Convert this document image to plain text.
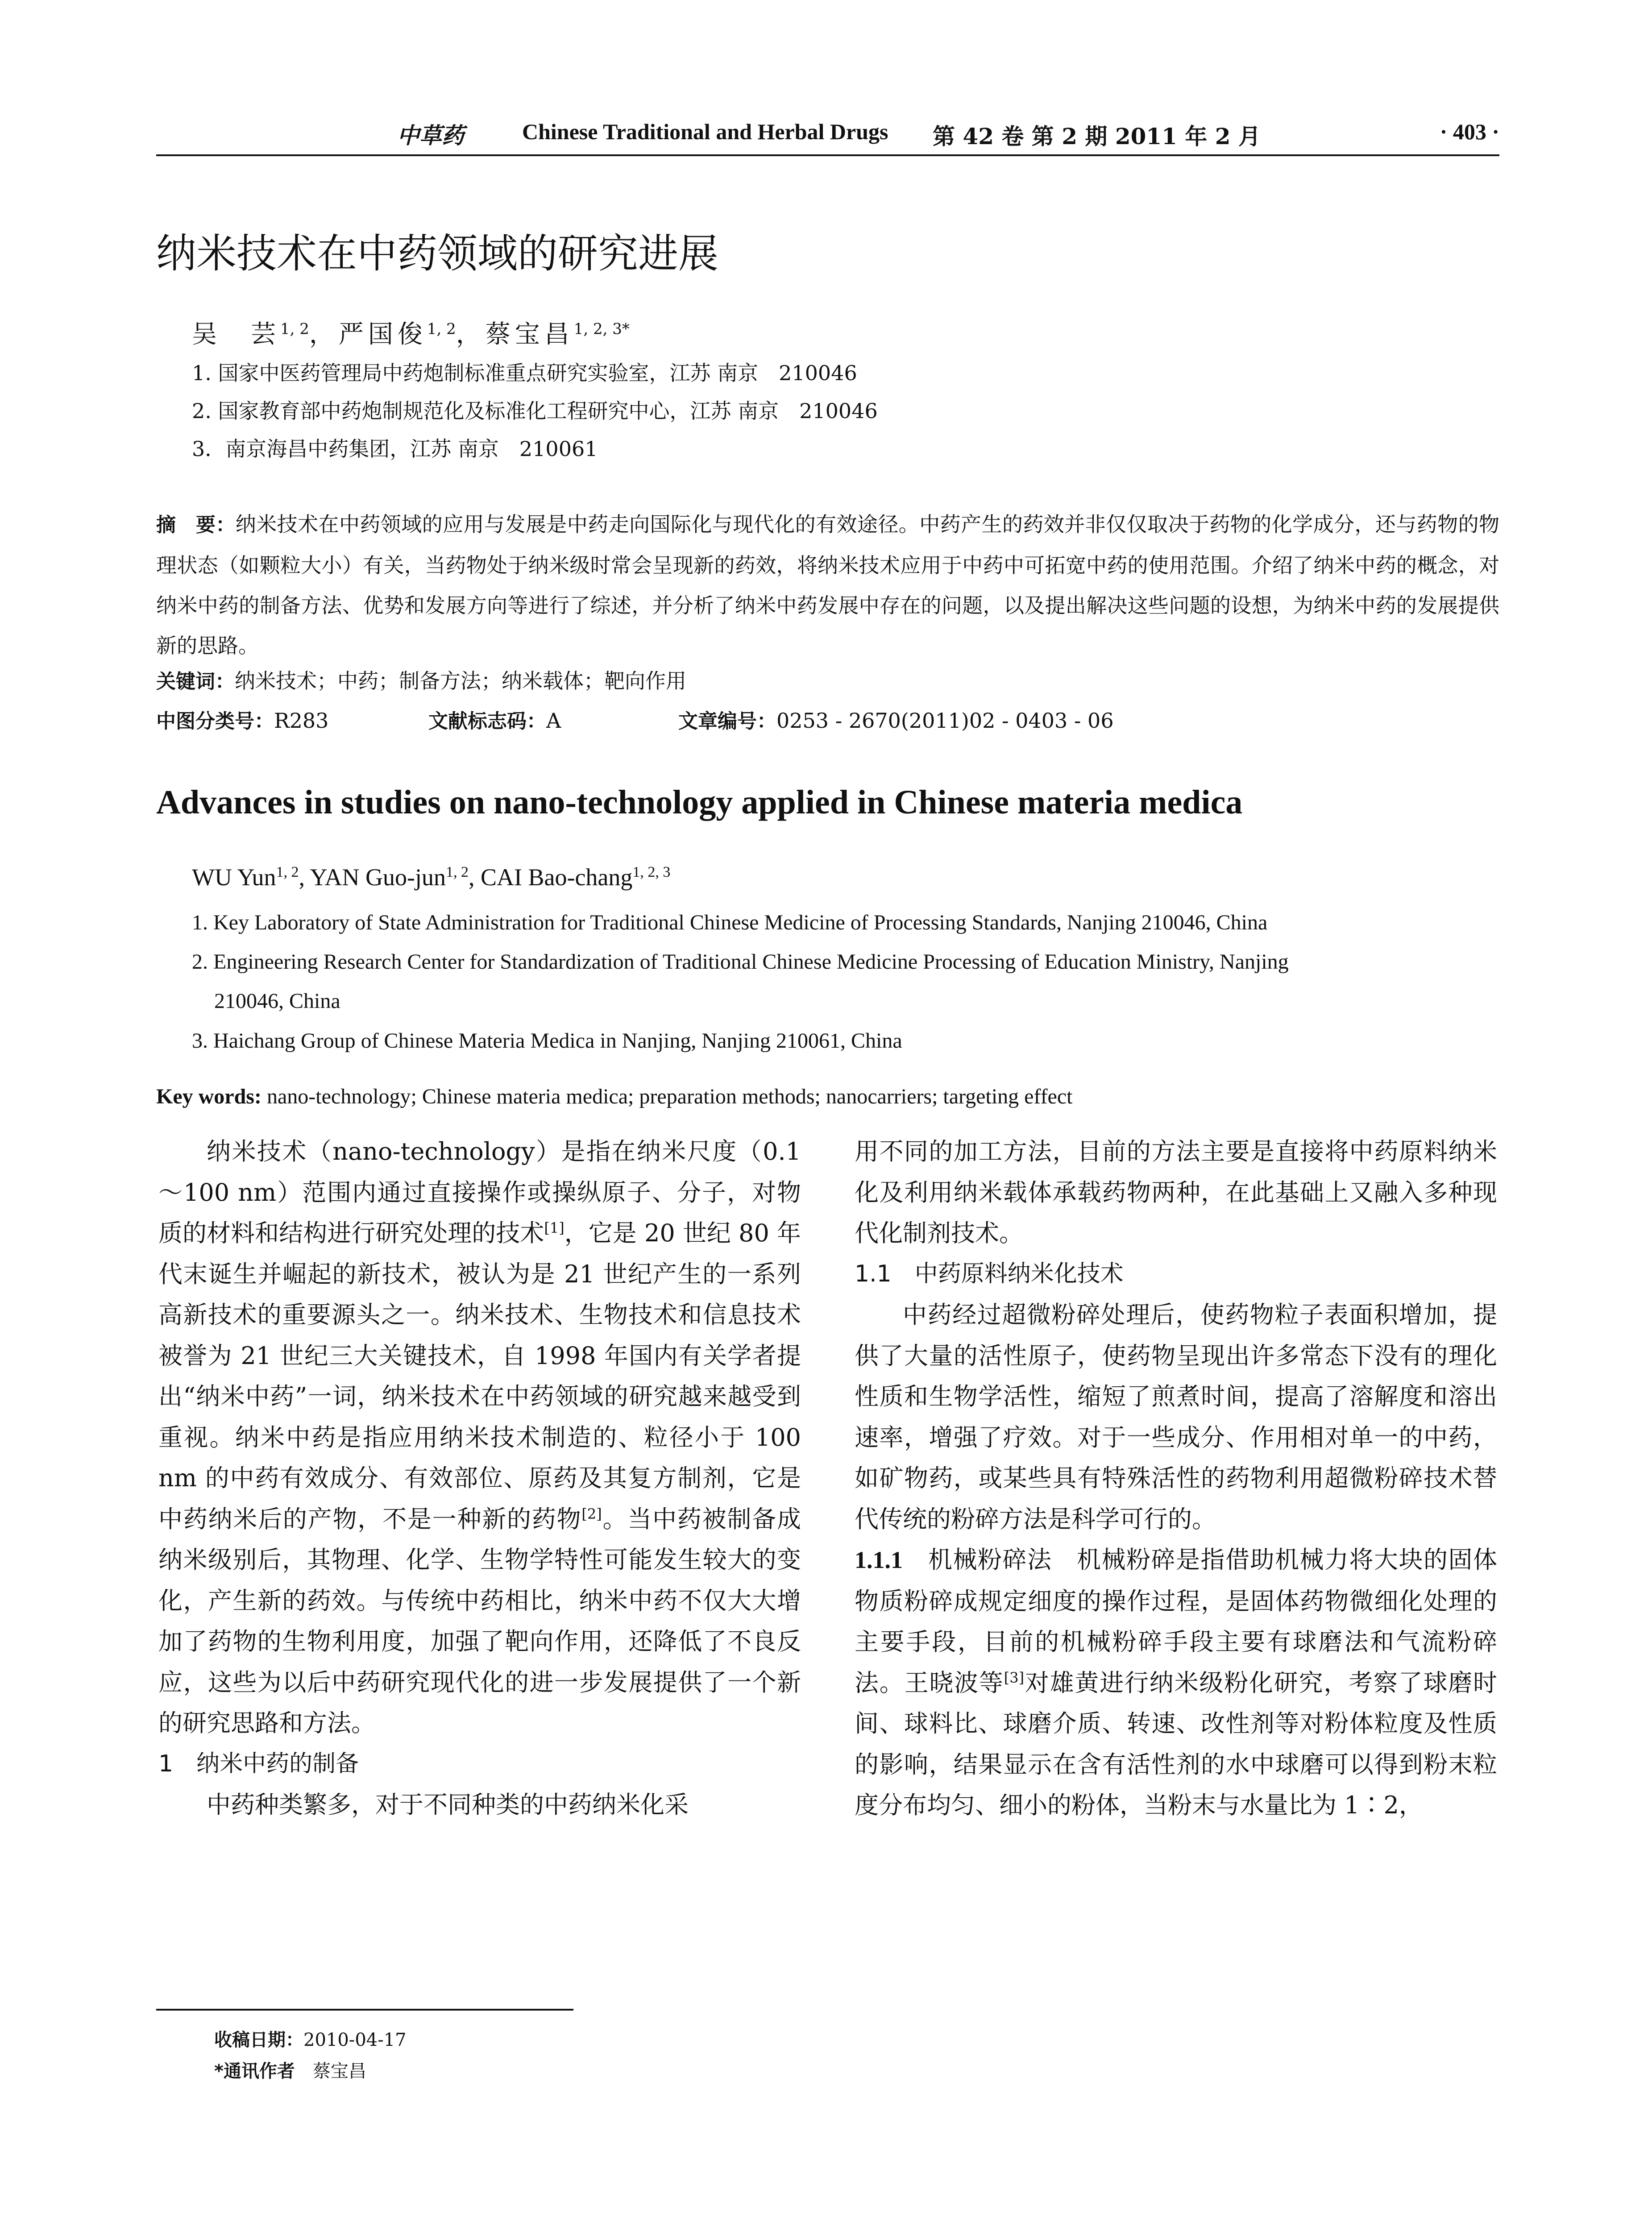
中草药	Chinese Traditional and Herbal Drugs 第 42 卷 第 2 期 2011 年 2 月	· 403 ·
纳米技术在中药领域的研究进展
吴　芸$^{1, 2}$，严国俊$^{1, 2}$，蔡宝昌$^{1, 2, 3*}$
1. 国家中医药管理局中药炮制标准重点研究实验室，江苏 南京　210046
2. 国家教育部中药炮制规范化及标准化工程研究中心，江苏 南京　210046
3．南京海昌中药集团，江苏 南京　210061
摘　要：纳米技术在中药领域的应用与发展是中药走向国际化与现代化的有效途径。中药产生的药效并非仅仅取决于药物的化学成分，还与药物的物理状态（如颗粒大小）有关，当药物处于纳米级时常会呈现新的药效，将纳米技术应用于中药中可拓宽中药的使用范围。介绍了纳米中药的概念，对纳米中药的制备方法、优势和发展方向等进行了综述，并分析了纳米中药发展中存在的问题，以及提出解决这些问题的设想，为纳米中药的发展提供新的思路。
关键词：纳米技术；中药；制备方法；纳米载体；靶向作用
中图分类号：R283	文献标志码：A	文章编号：0253 - 2670(2011)02 - 0403 - 06
Advances in studies on nano-technology applied in Chinese materia medica
WU Yun$^{1, 2}$, YAN Guo-jun$^{1, 2}$, CAI Bao-chang$^{1, 2, 3}$
1. Key Laboratory of State Administration for Traditional Chinese Medicine of Processing Standards, Nanjing 210046, China
2. Engineering Research Center for Standardization of Traditional Chinese Medicine Processing of Education Ministry, Nanjing
210046, China
3. Haichang Group of Chinese Materia Medica in Nanjing, Nanjing 210061, China
Key words: nano-technology; Chinese materia medica; preparation methods; nanocarriers; targeting effect

纳米技术（nano-technology）是指在纳米尺度（0.1～100 nm）范围内通过直接操作或操纵原子、分子，对物质的材料和结构进行研究处理的技术[1]，它是 20 世纪 80 年代末诞生并崛起的新技术，被认为是 21 世纪产生的一系列高新技术的重要源头之一。纳米技术、生物技术和信息技术被誉为 21 世纪三大关键技术，自 1998 年国内有关学者提出“纳米中药”一词，纳米技术在中药领域的研究越来越受到重视。纳米中药是指应用纳米技术制造的、粒径小于 100 nm 的中药有效成分、有效部位、原药及其复方制剂，它是中药纳米后的产物，不是一种新的药物[2]。当中药被制备成纳米级别后，其物理、化学、生物学特性可能发生较大的变化，产生新的药效。与传统中药相比，纳米中药不仅大大增加了药物的生物利用度，加强了靶向作用，还降低了不良反应，这些为以后中药研究现代化的进一步发展提供了一个新的研究思路和方法。

1　纳米中药的制备

中药种类繁多，对于不同种类的中药纳米化采

用不同的加工方法，目前的方法主要是直接将中药原料纳米化及利用纳米载体承载药物两种，在此基础上又融入多种现代化制剂技术。

1.1　中药原料纳米化技术

中药经过超微粉碎处理后，使药物粒子表面积增加，提供了大量的活性原子，使药物呈现出许多常态下没有的理化性质和生物学活性，缩短了煎煮时间，提高了溶解度和溶出速率，增强了疗效。对于一些成分、作用相对单一的中药，如矿物药，或某些具有特殊活性的药物利用超微粉碎技术替代传统的粉碎方法是科学可行的。

1.1.1　 机械粉碎法　 机械粉碎是指借助机械力将大块的固体物质粉碎成规定细度的操作过程，是固体药物微细化处理的主要手段，目前的机械粉碎手段主要有球磨法和气流粉碎法。王晓波等[3]对雄黄进行纳米级粉化研究，考察了球磨时间、球料比、球磨介质、转速、改性剂等对粉体粒度及性质的影响，结果显示在含有活性剂的水中球磨可以得到粉末粒度分布均匀、细小的粉体，当粉末与水量比为 1∶2，

收稿日期：2010-04-17
*通讯作者　 蔡宝昌
